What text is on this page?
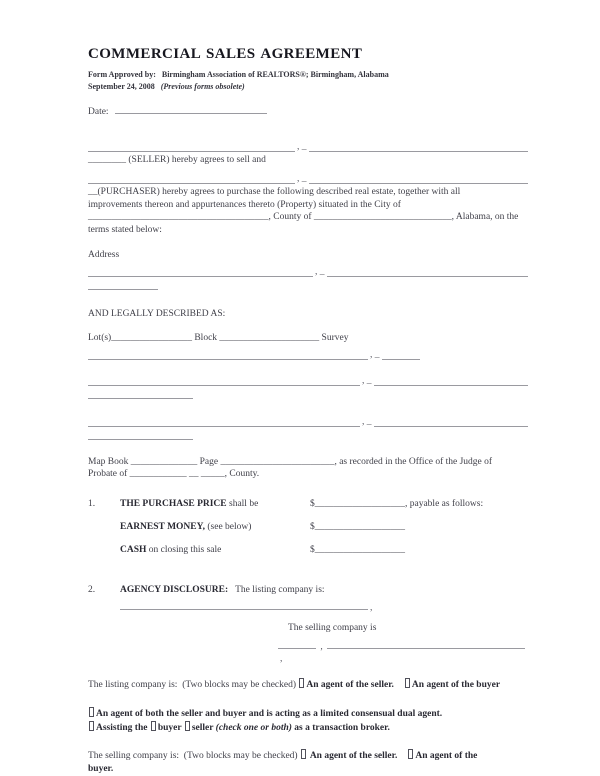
COMMERCIAL SALES AGREEMENT
Form Approved by:   Birmingham Association of REALTORS®; Birmingham, Alabama
September 24, 2008   (Previous forms obsolete)
Date:
, _
________ (SELLER) hereby agrees to sell and
, _
__(PURCHASER) hereby agrees to purchase the following described real estate, together with all
improvements thereon and appurtenances thereto (Property) situated in the City of
______________________________________, County of _____________________________, Alabama, on the
terms stated below:
Address
, _
AND LEGALLY DESCRIBED AS:
Lot(s)_________________ Block _____________________ Survey
, _
, _
, _
Map Book ______________ Page ________________________, as recorded in the Office of the Judge of
Probate of ____________ __ _____, County.
1.	THE PURCHASE PRICE shall be	$___________________, payable as follows:
EARNEST MONEY, (see below)	$___________________
CASH on closing this sale	$___________________
2.	AGENCY DISCLOSURE:   The listing company is:
,
The selling company is
, ,
The listing company is:  (Two blocks may be checked) An agent of the seller. An agent of the buyer
An agent of both the seller and buyer and is acting as a limited consensual dual agent.
Assisting the buyer seller (check one or both) as a transaction broker.
The selling company is:  (Two blocks may be checked)  An agent of the seller. An agent of the
buyer.
